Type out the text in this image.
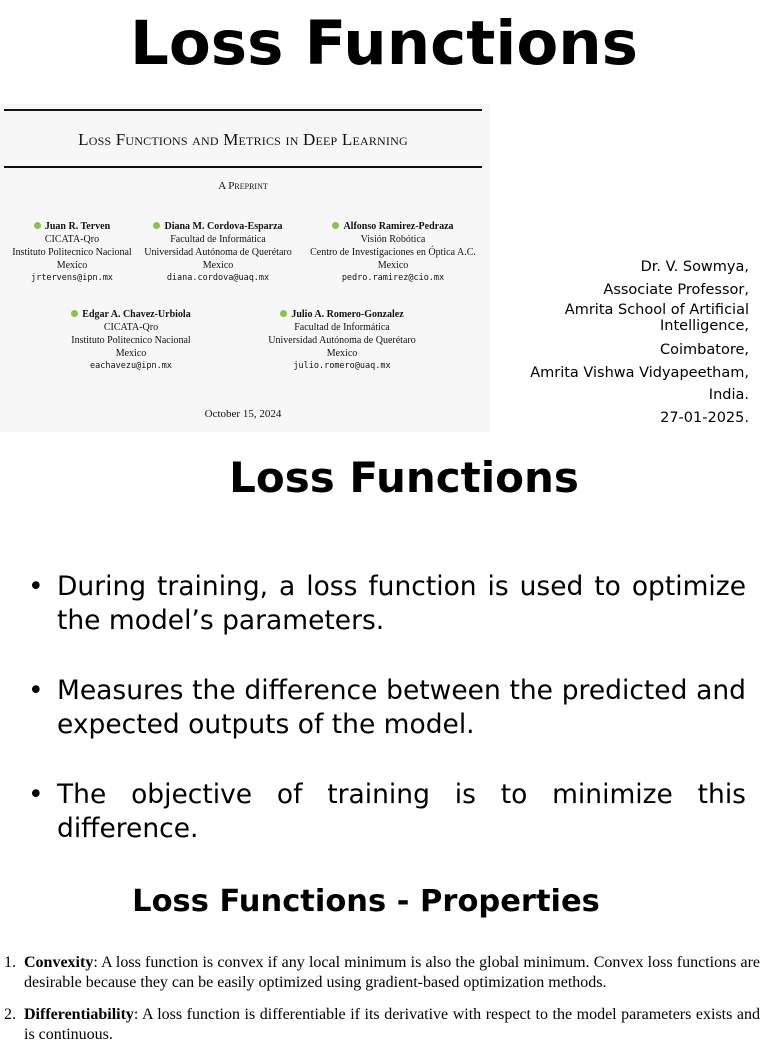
Loss Functions
Loss Functions and Metrics in Deep Learning
A Preprint
Juan R. Terven
CICATA-Qro
Instituto Politecnico Nacional
Mexico
jrtervens@ipn.mx
Diana M. Cordova-Esparza
Facultad de Informática
Universidad Autónoma de Querétaro
Mexico
diana.cordova@uaq.mx
Alfonso Ramirez-Pedraza
Visión Robótica
Centro de Investigaciones en Óptica A.C.
Mexico
pedro.ramirez@cio.mx
Edgar A. Chavez-Urbiola
CICATA-Qro
Instituto Politecnico Nacional
Mexico
eachavezu@ipn.mx
Julio A. Romero-Gonzalez
Facultad de Informática
Universidad Autónoma de Querétaro
Mexico
julio.romero@uaq.mx
October 15, 2024
Dr. V. Sowmya,
Associate Professor,
Amrita School of Artificial Intelligence,
Coimbatore,
Amrita Vishwa Vidyapeetham,
India.
27-01-2025.
Loss Functions
• During training, a loss function is used to optimize the model’s parameters.
• Measures the difference between the predicted and expected outputs of the model.
• The objective of training is to minimize this difference.
Loss Functions - Properties
1. Convexity: A loss function is convex if any local minimum is also the global minimum. Convex loss functions are desirable because they can be easily optimized using gradient-based optimization methods.
2. Differentiability: A loss function is differentiable if its derivative with respect to the model parameters exists and is continuous.
